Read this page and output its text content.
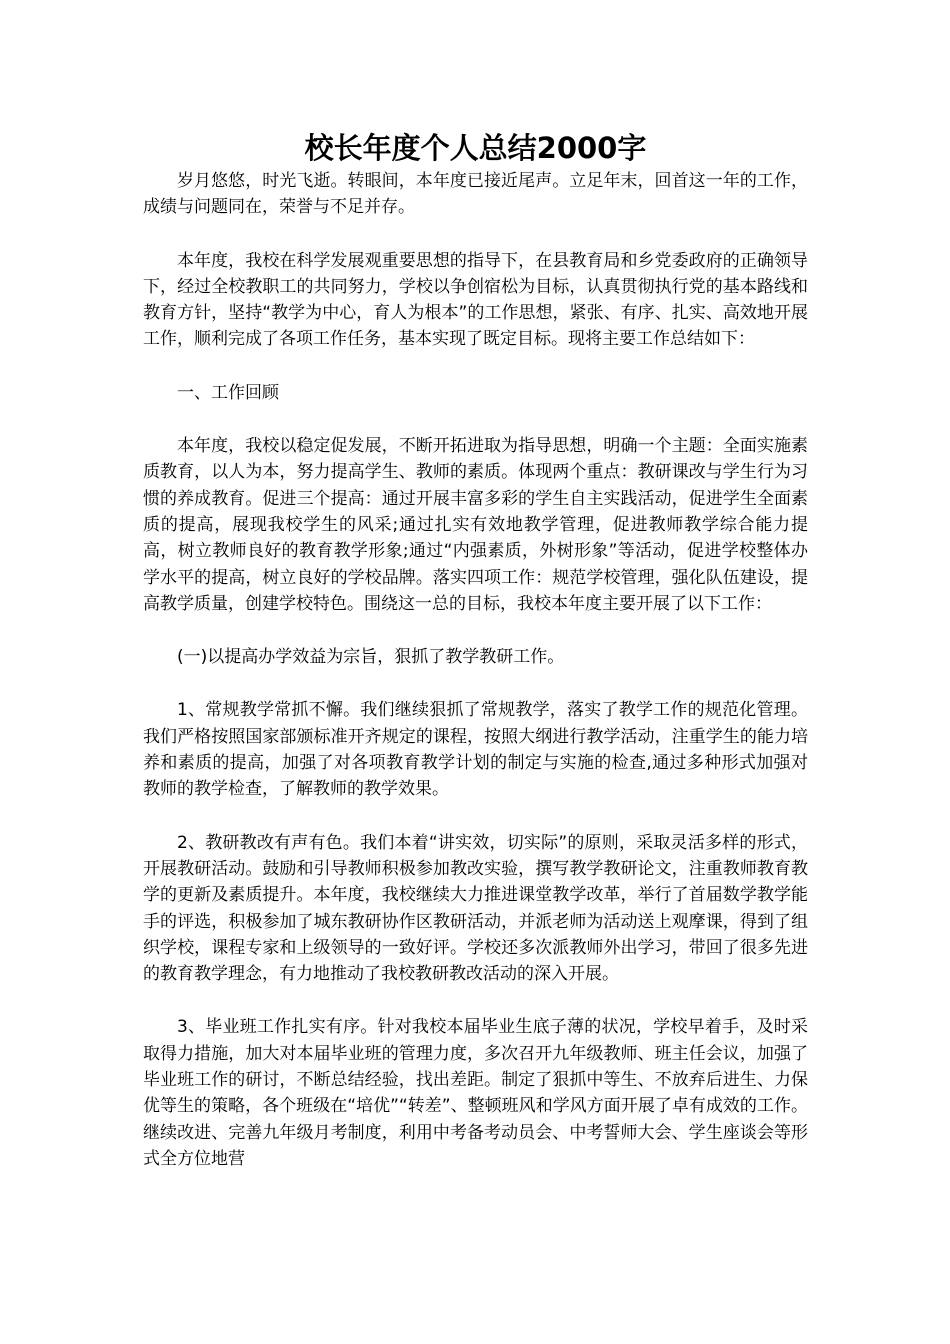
校长年度个人总结2000字

岁月悠悠，时光飞逝。转眼间，本年度已接近尾声。立足年末，回首这一年的工作，成绩与问题同在，荣誉与不足并存。

本年度，我校在科学发展观重要思想的指导下，在县教育局和乡党委政府的正确领导下，经过全校教职工的共同努力，学校以争创宿松为目标，认真贯彻执行党的基本路线和教育方针，坚持“教学为中心，育人为根本”的工作思想，紧张、有序、扎实、高效地开展工作，顺利完成了各项工作任务，基本实现了既定目标。现将主要工作总结如下：

一、工作回顾

本年度，我校以稳定促发展，不断开拓进取为指导思想，明确一个主题：全面实施素质教育，以人为本，努力提高学生、教师的素质。体现两个重点：教研课改与学生行为习惯的养成教育。促进三个提高：通过开展丰富多彩的学生自主实践活动，促进学生全面素质的提高，展现我校学生的风采;通过扎实有效地教学管理，促进教师教学综合能力提高，树立教师良好的教育教学形象;通过“内强素质，外树形象”等活动，促进学校整体办学水平的提高，树立良好的学校品牌。落实四项工作：规范学校管理，强化队伍建设，提高教学质量，创建学校特色。围绕这一总的目标，我校本年度主要开展了以下工作：

(一)以提高办学效益为宗旨，狠抓了教学教研工作。

1、常规教学常抓不懈。我们继续狠抓了常规教学，落实了教学工作的规范化管理。我们严格按照国家部颁标准开齐规定的课程，按照大纲进行教学活动，注重学生的能力培养和素质的提高，加强了对各项教育教学计划的制定与实施的检查,通过多种形式加强对教师的教学检查，了解教师的教学效果。

2、教研教改有声有色。我们本着“讲实效，切实际”的原则，采取灵活多样的形式，开展教研活动。鼓励和引导教师积极参加教改实验，撰写教学教研论文，注重教师教育教学的更新及素质提升。本年度，我校继续大力推进课堂教学改革，举行了首届数学教学能手的评选，积极参加了城东教研协作区教研活动，并派老师为活动送上观摩课，得到了组织学校，课程专家和上级领导的一致好评。学校还多次派教师外出学习，带回了很多先进的教育教学理念，有力地推动了我校教研教改活动的深入开展。

3、毕业班工作扎实有序。针对我校本届毕业生底子薄的状况，学校早着手，及时采取得力措施，加大对本届毕业班的管理力度，多次召开九年级教师、班主任会议，加强了毕业班工作的研讨，不断总结经验，找出差距。制定了狠抓中等生、不放弃后进生、力保优等生的策略，各个班级在“培优”“转差”、整顿班风和学风方面开展了卓有成效的工作。继续改进、完善九年级月考制度，利用中考备考动员会、中考誓师大会、学生座谈会等形式全方位地营
